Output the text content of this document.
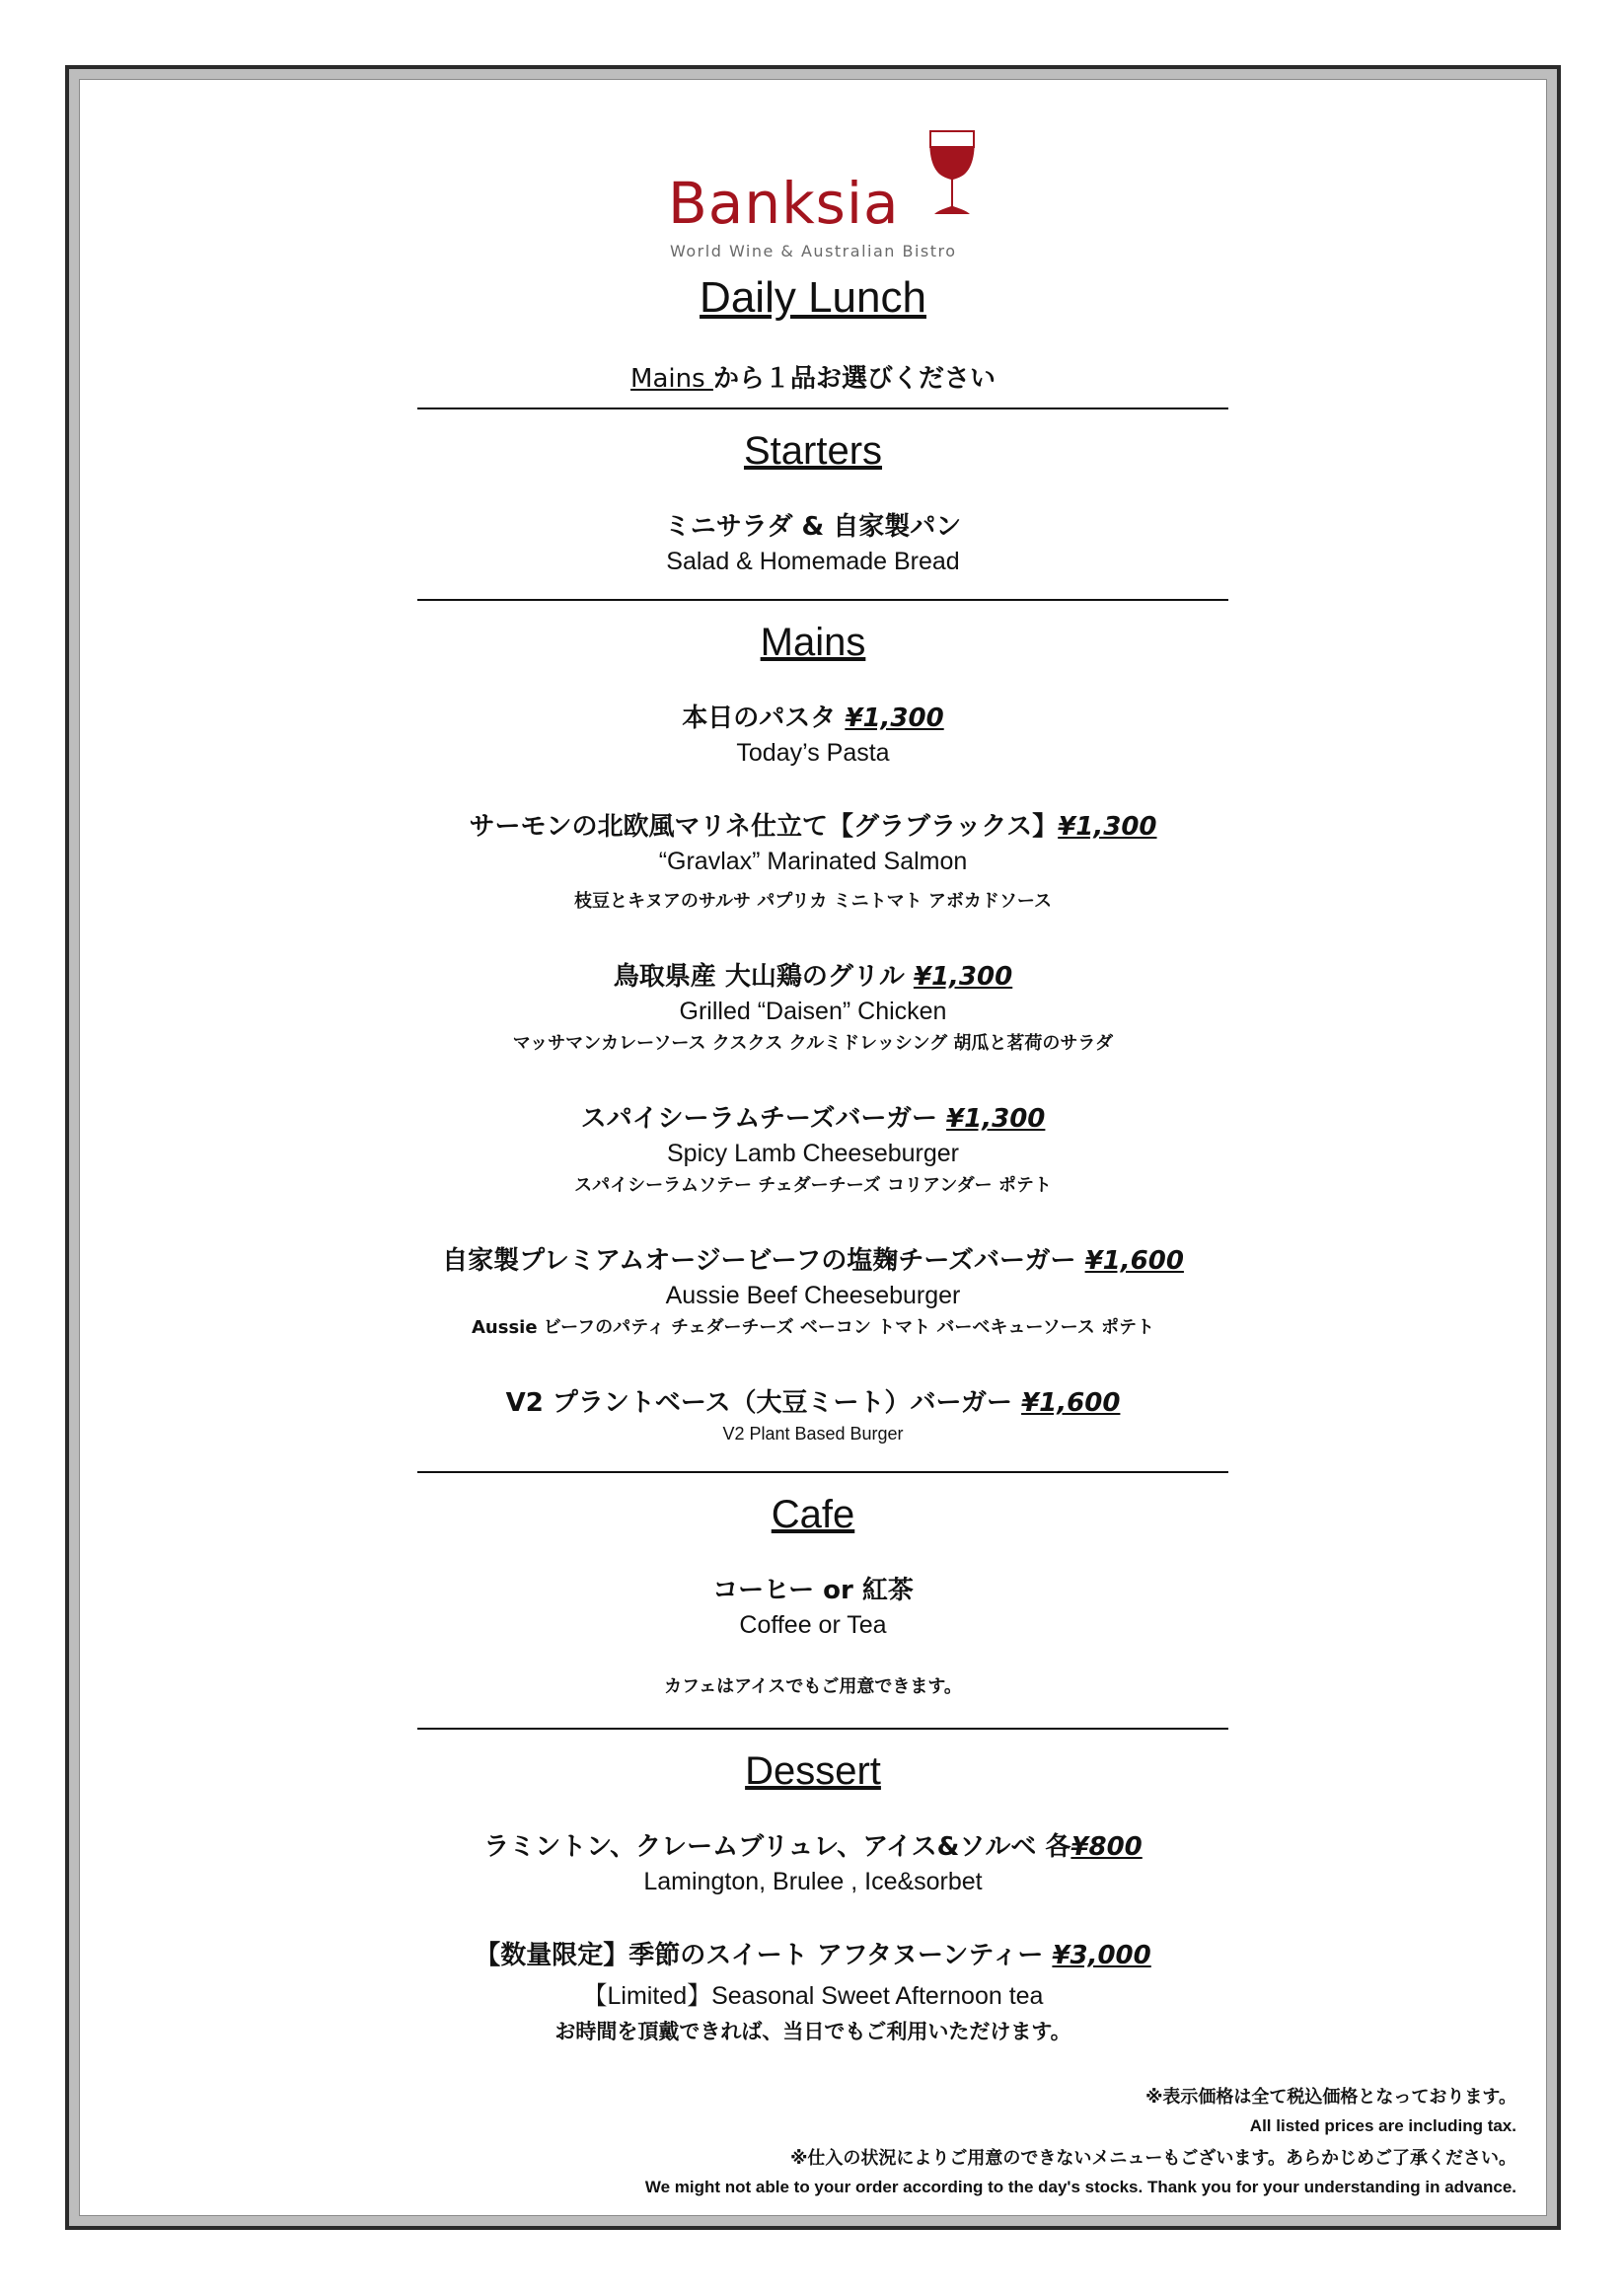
Banksia
World Wine & Australian Bistro
Daily Lunch
Mains から１品お選びください
Starters
ミニサラダ & 自家製パン
Salad & Homemade Bread
Mains
本日のパスタ ¥1,300
Today’s Pasta
サーモンの北欧風マリネ仕立て【グラブラックス】¥1,300
“Gravlax” Marinated Salmon
枝豆とキヌアのサルサ パプリカ ミニトマト アボカドソース
鳥取県産 大山鶏のグリル ¥1,300
Grilled “Daisen” Chicken
マッサマンカレーソース クスクス クルミドレッシング 胡瓜と茗荷のサラダ
スパイシーラムチーズバーガー ¥1,300
Spicy Lamb Cheeseburger
スパイシーラムソテー チェダーチーズ コリアンダー ポテト
自家製プレミアムオージービーフの塩麹チーズバーガー ¥1,600
Aussie Beef Cheeseburger
Aussie ビーフのパティ チェダーチーズ ベーコン トマト バーベキューソース ポテト
V2 プラントベース（大豆ミート）バーガー ¥1,600
V2 Plant Based Burger
Cafe
コーヒー or 紅茶
Coffee or Tea
カフェはアイスでもご用意できます。
Dessert
ラミントン、クレームブリュレ、アイス&ソルベ 各¥800
Lamington, Brulee , Ice&sorbet
【数量限定】季節のスイート アフタヌーンティー ¥3,000
【Limited】Seasonal Sweet Afternoon tea
お時間を頂戴できれば、当日でもご利用いただけます。
※表示価格は全て税込価格となっております。
All listed prices are including tax.
※仕入の状況によりご用意のできないメニューもございます。あらかじめご了承ください。
We might not able to your order according to the day's stocks. Thank you for your understanding in advance.
